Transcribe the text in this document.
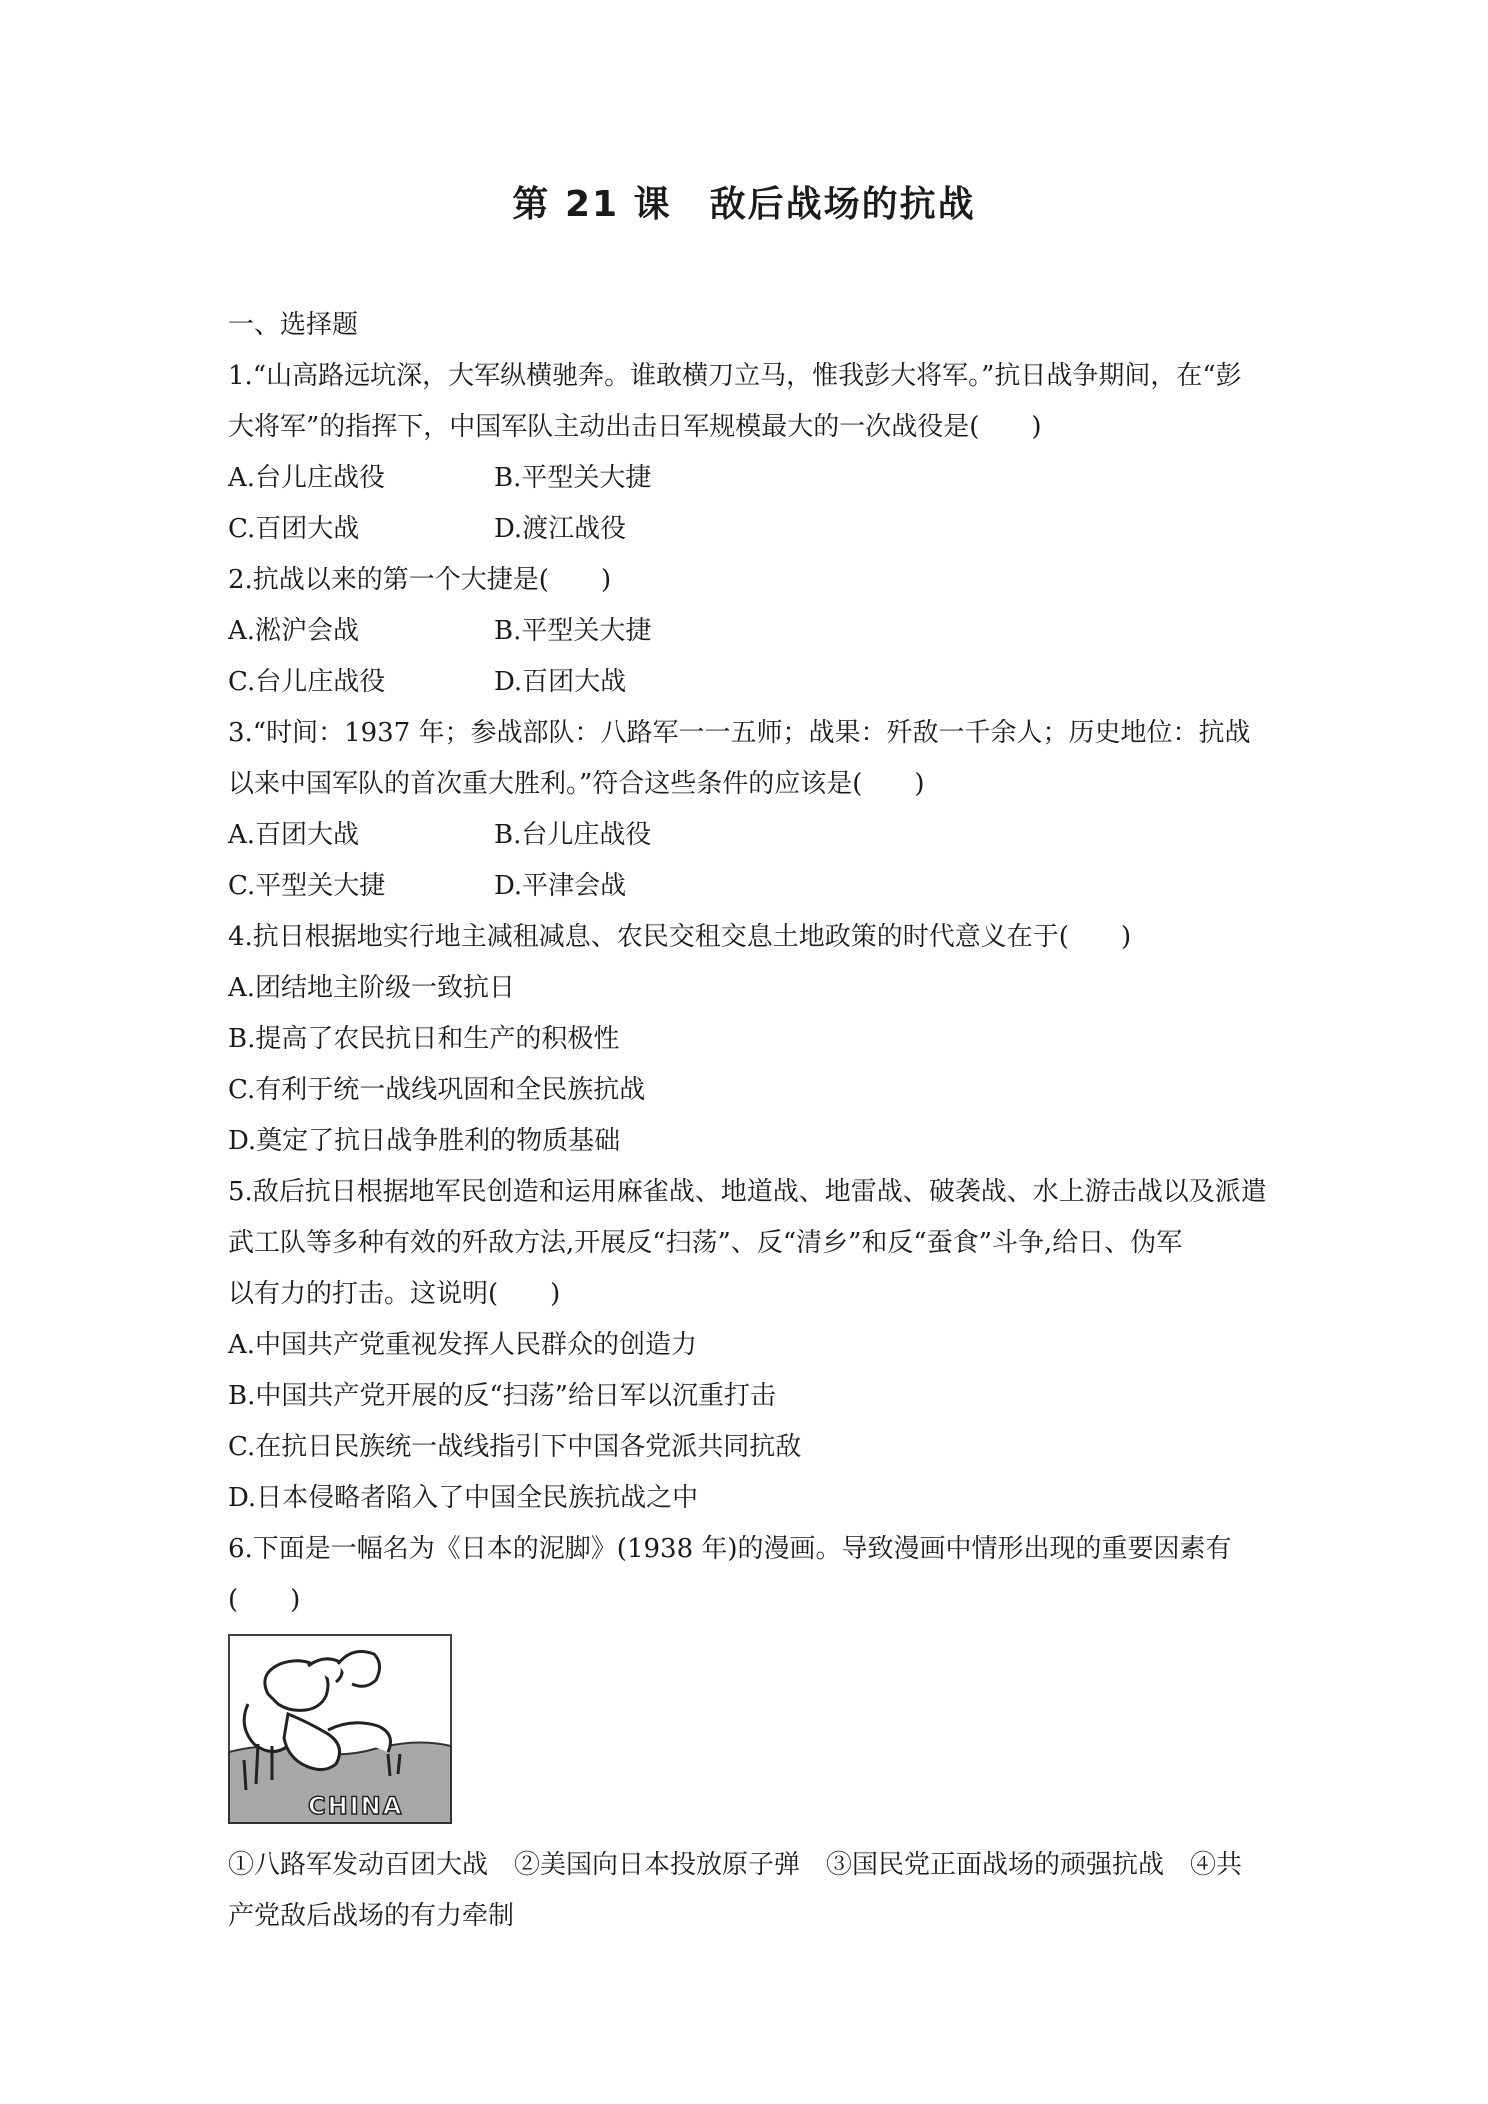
第 21 课　敌后战场的抗战
一、选择题
1.“山高路远坑深，大军纵横驰奔。谁敢横刀立马，惟我彭大将军。”抗日战争期间，在“彭
大将军”的指挥下，中国军队主动出击日军规模最大的一次战役是(　　)
A.台儿庄战役	B.平型关大捷
C.百团大战	D.渡江战役
2.抗战以来的第一个大捷是(　　)
A.淞沪会战	B.平型关大捷
C.台儿庄战役	D.百团大战
3.“时间：1937 年；参战部队：八路军一一五师；战果：歼敌一千余人；历史地位：抗战
以来中国军队的首次重大胜利。”符合这些条件的应该是(　　)
A.百团大战	B.台儿庄战役
C.平型关大捷	D.平津会战
4.抗日根据地实行地主减租减息、农民交租交息土地政策的时代意义在于(　　)
A.团结地主阶级一致抗日
B.提高了农民抗日和生产的积极性
C.有利于统一战线巩固和全民族抗战
D.奠定了抗日战争胜利的物质基础
5.敌后抗日根据地军民创造和运用麻雀战、地道战、地雷战、破袭战、水上游击战以及派遣
武工队等多种有效的歼敌方法,开展反“扫荡”、反“清乡”和反“蚕食”斗争,给日、伪军
以有力的打击。这说明(　　)
A.中国共产党重视发挥人民群众的创造力
B.中国共产党开展的反“扫荡”给日军以沉重打击
C.在抗日民族统一战线指引下中国各党派共同抗敌
D.日本侵略者陷入了中国全民族抗战之中
6.下面是一幅名为《日本的泥脚》(1938 年)的漫画。导致漫画中情形出现的重要因素有
(　　)
CHINA
①八路军发动百团大战　②美国向日本投放原子弹　③国民党正面战场的顽强抗战　④共
产党敌后战场的有力牵制
